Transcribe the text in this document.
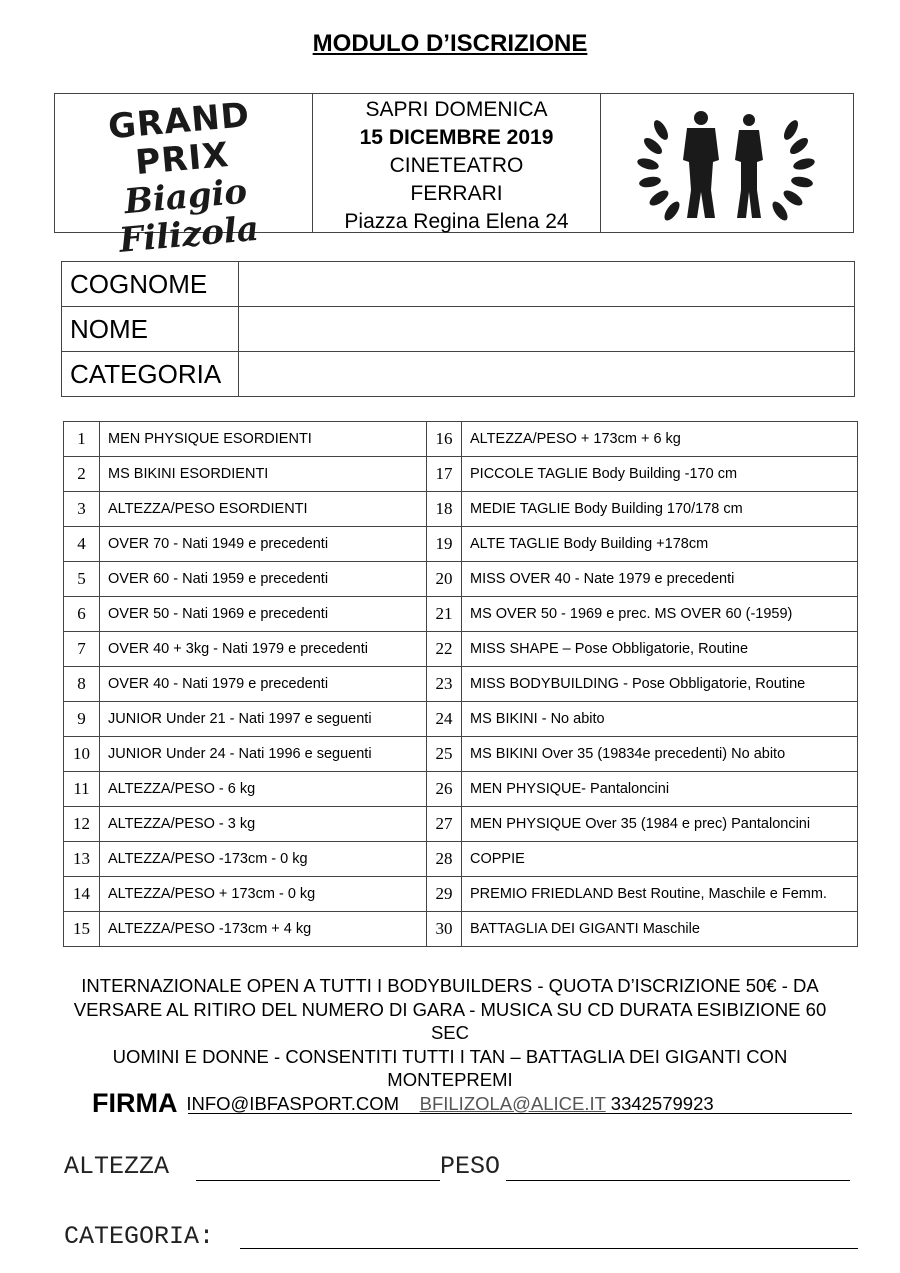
MODULO D’ISCRIZIONE
GRAND PRIX
Biagio
Filizola
SAPRI DOMENICA
15 DICEMBRE 2019
CINETEATRO
FERRARI
Piazza Regina Elena 24
I
B
F
A
COGNOME	
NOME	
CATEGORIA	
1	MEN PHYSIQUE ESORDIENTI	16	ALTEZZA/PESO + 173cm + 6 kg
2	MS BIKINI ESORDIENTI	17	PICCOLE TAGLIE Body Building -170 cm
3	ALTEZZA/PESO ESORDIENTI	18	MEDIE TAGLIE Body Building 170/178 cm
4	OVER 70 - Nati 1949 e precedenti	19	ALTE TAGLIE Body Building +178cm
5	OVER 60 - Nati 1959 e precedenti	20	MISS OVER 40 - Nate 1979 e precedenti
6	OVER 50 - Nati 1969 e precedenti	21	MS OVER 50 - 1969 e prec. MS OVER 60 (-1959)
7	OVER 40 + 3kg - Nati 1979 e precedenti	22	MISS SHAPE – Pose Obbligatorie, Routine
8	OVER 40 - Nati 1979 e precedenti	23	MISS BODYBUILDING - Pose Obbligatorie, Routine
9	JUNIOR Under 21 - Nati 1997 e seguenti	24	MS BIKINI - No abito
10	JUNIOR Under 24 - Nati 1996 e seguenti	25	MS BIKINI Over 35 (19834e precedenti) No abito
11	ALTEZZA/PESO - 6 kg	26	MEN PHYSIQUE- Pantaloncini
12	ALTEZZA/PESO - 3 kg	27	MEN PHYSIQUE Over 35 (1984 e prec) Pantaloncini
13	ALTEZZA/PESO -173cm - 0 kg	28	COPPIE
14	ALTEZZA/PESO + 173cm - 0 kg	29	PREMIO FRIEDLAND Best Routine, Maschile e Femm.
15	ALTEZZA/PESO -173cm + 4 kg	30	BATTAGLIA DEI GIGANTI Maschile
INTERNAZIONALE OPEN A TUTTI I BODYBUILDERS - QUOTA D’ISCRIZIONE 50€ - DA
VERSARE AL RITIRO DEL NUMERO DI GARA - MUSICA SU CD DURATA ESIBIZIONE 60 SEC
UOMINI E DONNE - CONSENTITI TUTTI I TAN – BATTAGLIA DEI GIGANTI CON MONTEPREMI
INFO@IBFASPORT.COM BFILIZOLA@ALICE.IT 3342579923
FIRMA
ALTEZZA	PESO
CATEGORIA:
